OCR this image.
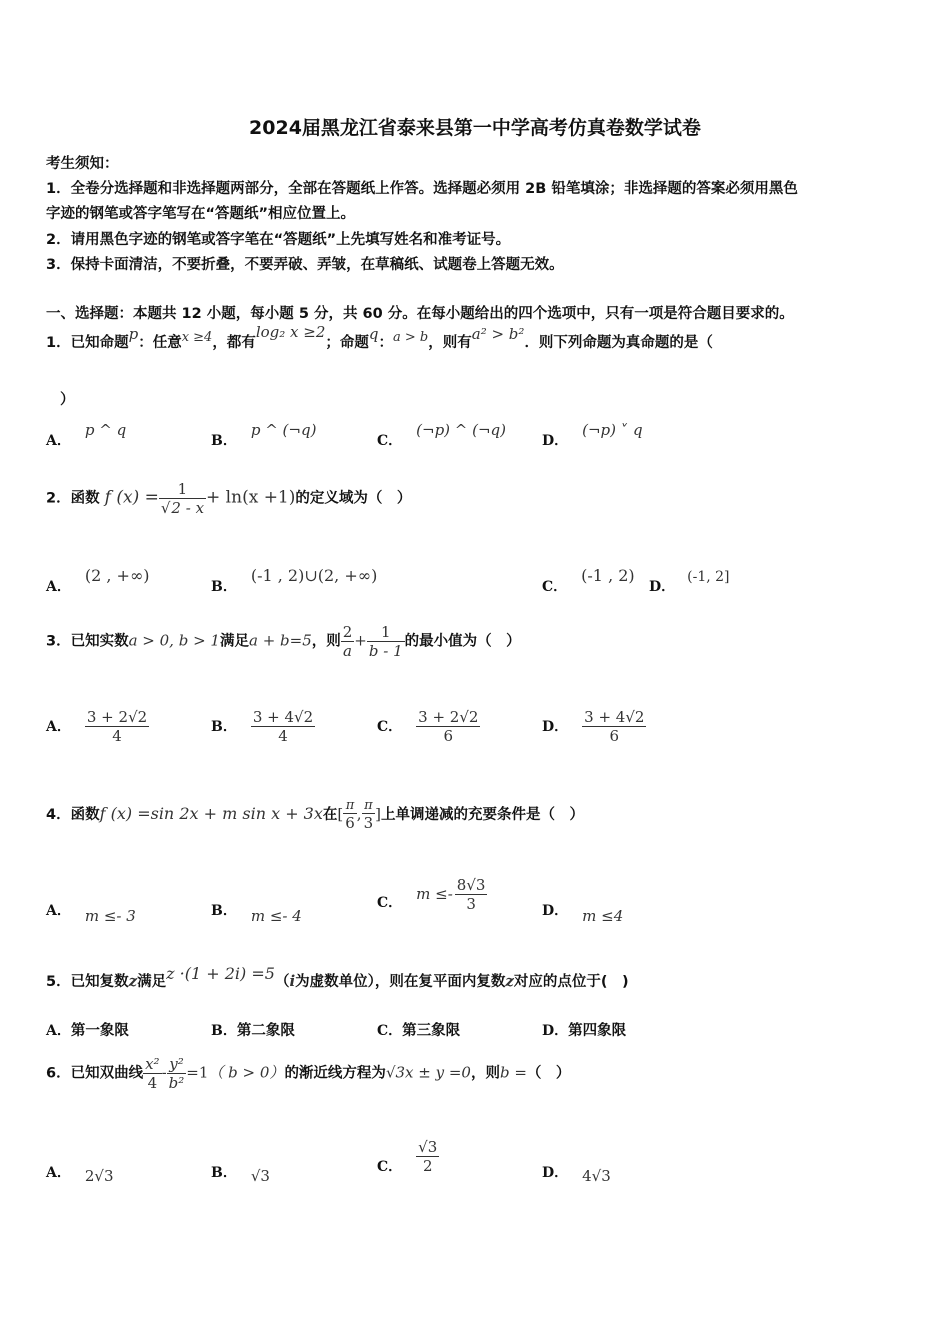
2024届黑龙江省泰来县第一中学高考仿真卷数学试卷
考生须知：
1．全卷分选择题和非选择题两部分，全部在答题纸上作答。选择题必须用 2B 铅笔填涂；非选择题的答案必须用黑色
字迹的钢笔或答字笔写在“答题纸”相应位置上。
2．请用黑色字迹的钢笔或答字笔在“答题纸”上先填写姓名和准考证号。
3．保持卡面清洁，不要折叠，不要弄破、弄皱，在草稿纸、试题卷上答题无效。
一、选择题：本题共 12 小题，每小题 5 分，共 60 分。在每小题给出的四个选项中，只有一项是符合题目要求的。
1．已知命题p：任意x ≥4，都有log₂ x ≥2；命题q：a > b，则有a² > b²．则下列命题为真命题的是（
）
A．p ^ q
B．p ^ (¬q)
C．(¬p) ^ (¬q)
D．(¬p) ˅ q
2．函数 f $(x) = \frac{1}{√2 - x} + \ln(x +1)$的定义域为（　）
A．(2 , +∞)
B．(-1 , 2)∪(2, +∞)
C．(-1 , 2)
D．(-1, 2]
3．已知实数a > 0, b > 1满足a + b=5，则 $\frac{2}{a} + \frac{1}{b - 1}$ 的最小值为（　）
A． $\frac{3 + 2√2}{4}$	B． $\frac{3 + 4√2}{4}$	C． $\frac{3 + 2√2}{6}$	D． $\frac{3 + 4√2}{6}$
4．函数f (x) =sin 2x + m sin x + 3x在[ $\frac{\pi}{6}$ , $\frac{\pi}{3}$ ]上单调递减的充要条件是（　）
A． m ≤- 3	B． m ≤- 4
C． $m \le- \frac{8√3}{3}$	D． m ≤4
5．已知复数z满足z ·(1 + 2i) =5（i为虚数单位），则在复平面内复数z对应的点位于(　)
A．第一象限	B．第二象限	C．第三象限	D．第四象限
6．已知双曲线 $\frac{\text{x²}}{4} - \frac{\text{y²}}{\text{b²}} =1$（ b > 0）的渐近线方程为√3x ± y =0，则b =（　）
A． 2√3	B． √3	C． $\frac{√3}{2}$	D． 4√3
